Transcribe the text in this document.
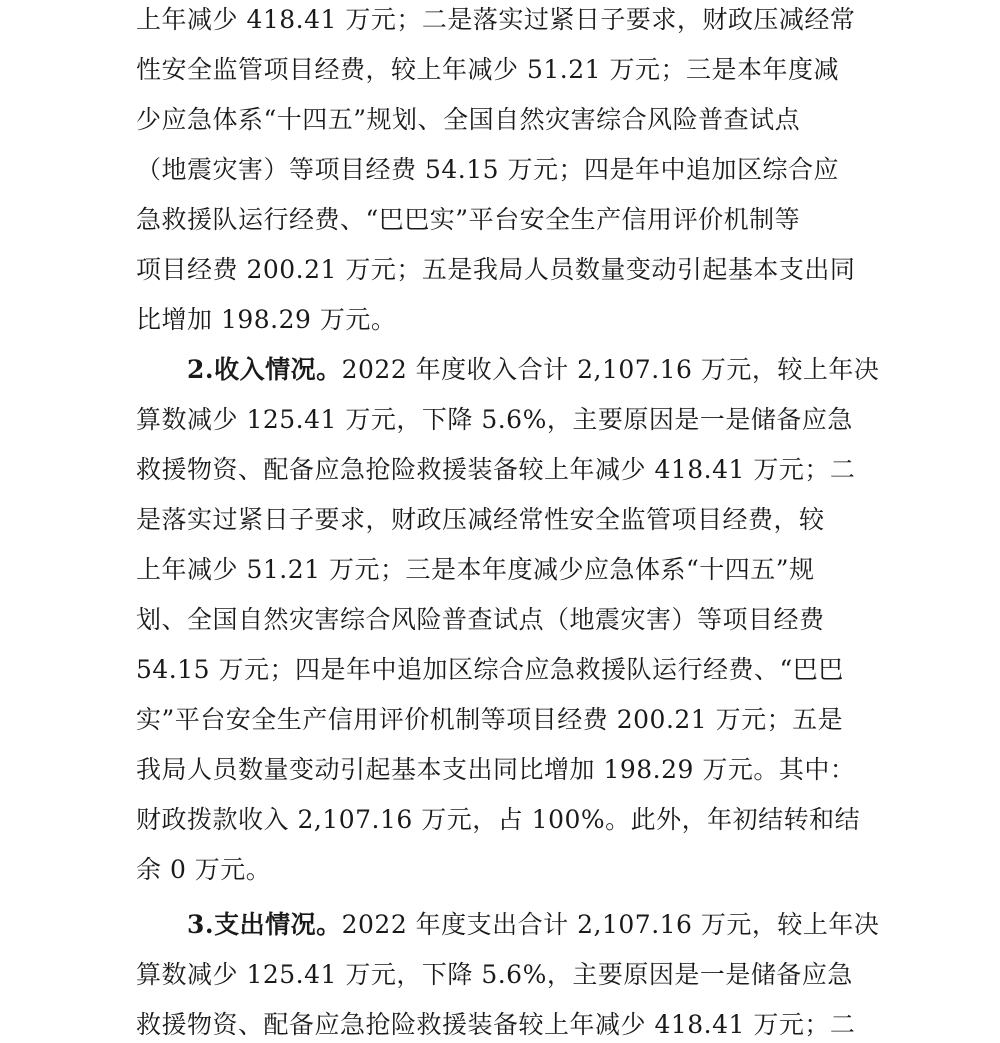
上年减少 418.41 万元；二是落实过紧日子要求，财政压减经常
性安全监管项目经费，较上年减少 51.21 万元；三是本年度减
少应急体系“十四五”规划、全国自然灾害综合风险普查试点
（地震灾害）等项目经费 54.15 万元；四是年中追加区综合应
急救援队运行经费、“巴巴实”平台安全生产信用评价机制等
项目经费 200.21 万元；五是我局人员数量变动引起基本支出同
比增加 198.29 万元。
2.收入情况。2022 年度收入合计 2,107.16 万元，较上年决
算数减少 125.41 万元，下降 5.6%，主要原因是一是储备应急
救援物资、配备应急抢险救援装备较上年减少 418.41 万元；二
是落实过紧日子要求，财政压减经常性安全监管项目经费，较
上年减少 51.21 万元；三是本年度减少应急体系“十四五”规
划、全国自然灾害综合风险普查试点（地震灾害）等项目经费
54.15 万元；四是年中追加区综合应急救援队运行经费、“巴巴
实”平台安全生产信用评价机制等项目经费 200.21 万元；五是
我局人员数量变动引起基本支出同比增加 198.29 万元。其中：
财政拨款收入 2,107.16 万元，占 100%。此外，年初结转和结
余 0 万元。
3.支出情况。2022 年度支出合计 2,107.16 万元，较上年决
算数减少 125.41 万元，下降 5.6%，主要原因是一是储备应急
救援物资、配备应急抢险救援装备较上年减少 418.41 万元；二
